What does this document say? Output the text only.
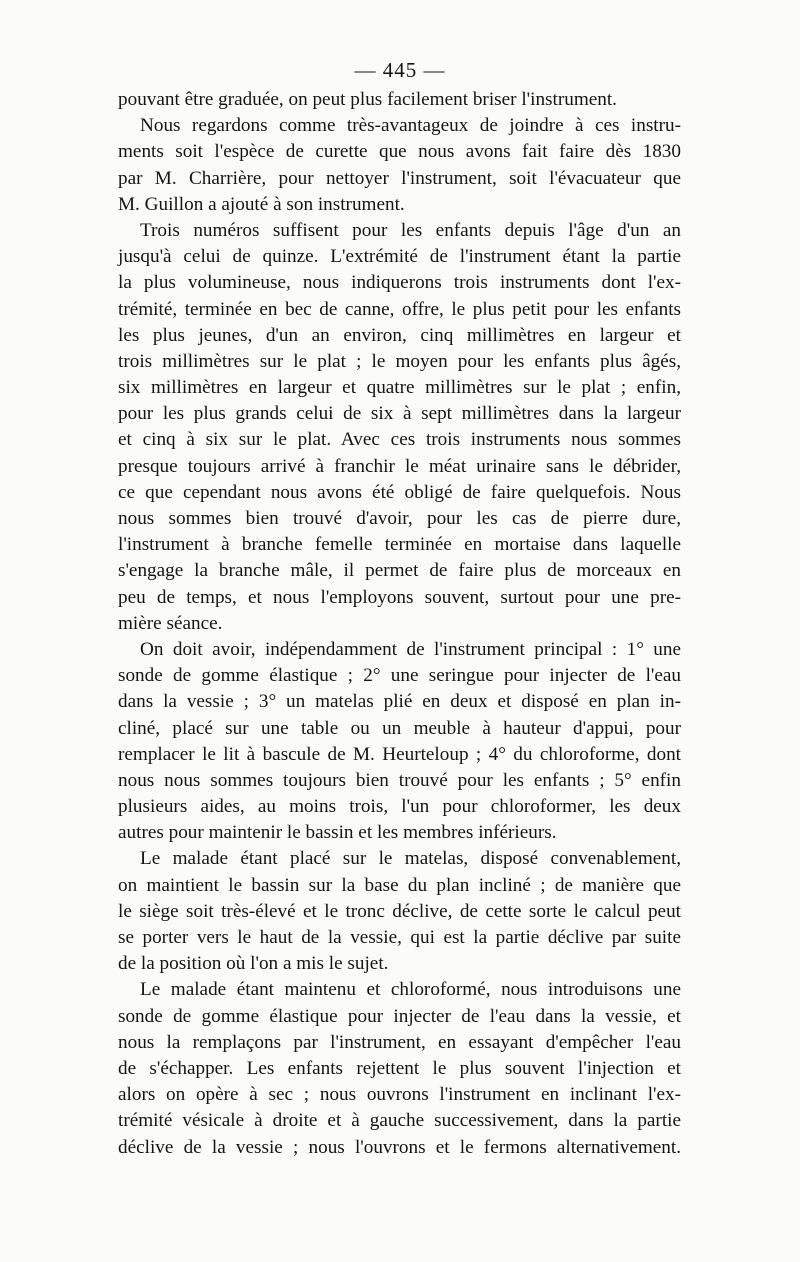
— 445 —
pouvant être graduée, on peut plus facilement briser l'instrument.
Nous regardons comme très-avantageux de joindre à ces instru-
ments soit l'espèce de curette que nous avons fait faire dès 1830
par M. Charrière, pour nettoyer l'instrument, soit l'évacuateur que
M. Guillon a ajouté à son instrument.
Trois numéros suffisent pour les enfants depuis l'âge d'un an
jusqu'à celui de quinze. L'extrémité de l'instrument étant la partie
la plus volumineuse, nous indiquerons trois instruments dont l'ex-
trémité, terminée en bec de canne, offre, le plus petit pour les enfants
les plus jeunes, d'un an environ, cinq millimètres en largeur et
trois millimètres sur le plat ; le moyen pour les enfants plus âgés,
six millimètres en largeur et quatre millimètres sur le plat ; enfin,
pour les plus grands celui de six à sept millimètres dans la largeur
et cinq à six sur le plat. Avec ces trois instruments nous sommes
presque toujours arrivé à franchir le méat urinaire sans le débrider,
ce que cependant nous avons été obligé de faire quelquefois. Nous
nous sommes bien trouvé d'avoir, pour les cas de pierre dure,
l'instrument à branche femelle terminée en mortaise dans laquelle
s'engage la branche mâle, il permet de faire plus de morceaux en
peu de temps, et nous l'employons souvent, surtout pour une pre-
mière séance.
On doit avoir, indépendamment de l'instrument principal : 1° une
sonde de gomme élastique ; 2° une seringue pour injecter de l'eau
dans la vessie ; 3° un matelas plié en deux et disposé en plan in-
cliné, placé sur une table ou un meuble à hauteur d'appui, pour
remplacer le lit à bascule de M. Heurteloup ; 4° du chloroforme, dont
nous nous sommes toujours bien trouvé pour les enfants ; 5° enfin
plusieurs aides, au moins trois, l'un pour chloroformer, les deux
autres pour maintenir le bassin et les membres inférieurs.
Le malade étant placé sur le matelas, disposé convenablement,
on maintient le bassin sur la base du plan incliné ; de manière que
le siège soit très-élevé et le tronc déclive, de cette sorte le calcul peut
se porter vers le haut de la vessie, qui est la partie déclive par suite
de la position où l'on a mis le sujet.
Le malade étant maintenu et chloroformé, nous introduisons une
sonde de gomme élastique pour injecter de l'eau dans la vessie, et
nous la remplaçons par l'instrument, en essayant d'empêcher l'eau
de s'échapper. Les enfants rejettent le plus souvent l'injection et
alors on opère à sec ; nous ouvrons l'instrument en inclinant l'ex-
trémité vésicale à droite et à gauche successivement, dans la partie
déclive de la vessie ; nous l'ouvrons et le fermons alternativement.
